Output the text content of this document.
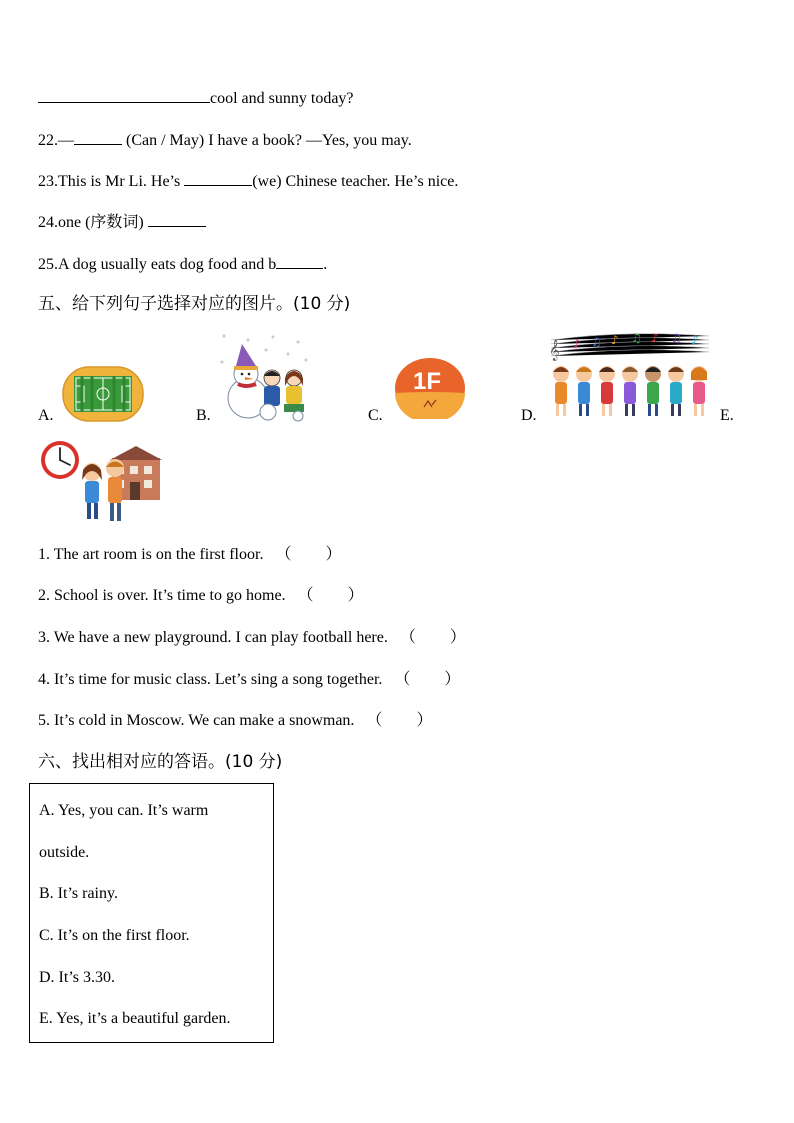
cool and sunny today?
22.—	(Can / May) I have a book? —Yes, you may.
23.This is Mr Li. He’s	(we) Chinese teacher. He’s nice.
24.one (序数词)
25.A dog usually eats dog food and b	.
五、给下列句子选择对应的图片。(10 分)
A.	B.	C.	D.	E.
1F
𝄞 ♪ ♫ ♪ ♫ ♪ ♫ ♪
1. The art room is on the first floor. （ ）
2. School is over. It’s time to go home. （ ）
3. We have a new playground. I can play football here. （ ）
4. It’s time for music class. Let’s sing a song together. （ ）
5. It’s cold in Moscow. We can make a snowman. （ ）
六、找出相对应的答语。(10 分)
A. Yes, you can. It’s warm
outside.
B. It’s rainy.
C. It’s on the first floor.
D. It’s 3.30.
E. Yes, it’s a beautiful garden.
